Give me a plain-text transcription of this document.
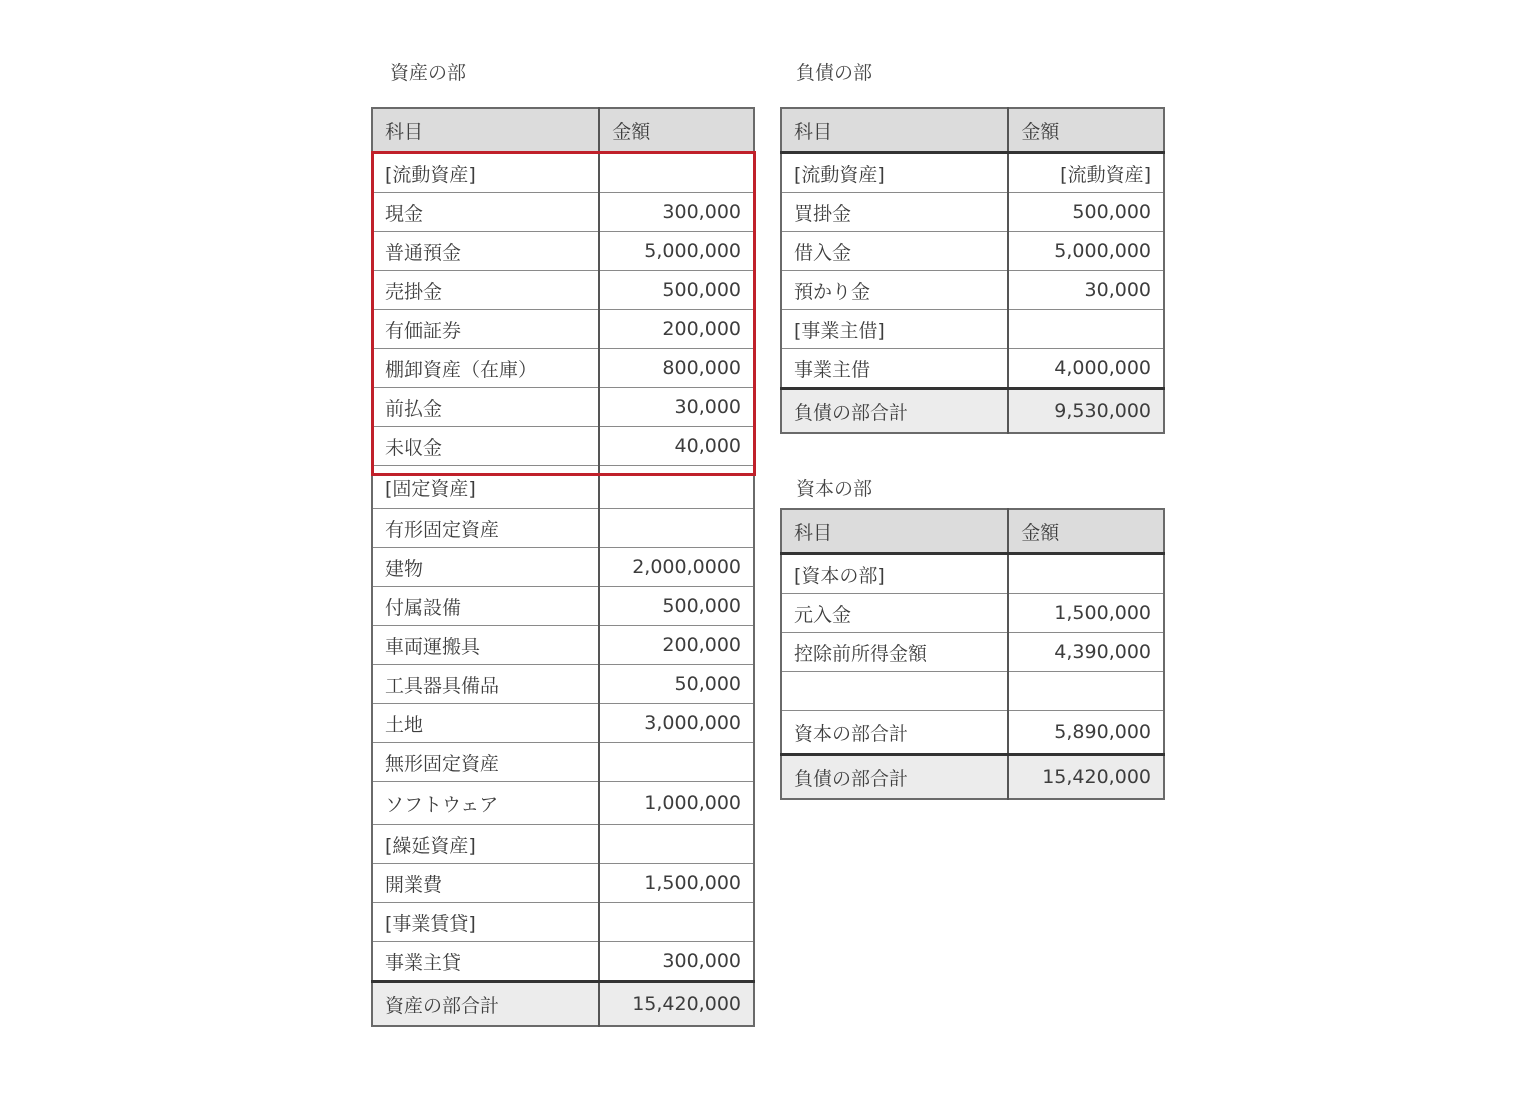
資産の部
科目	金額
[流動資産]	
現金	300,000
普通預金	5,000,000
売掛金	500,000
有価証券	200,000
棚卸資産（在庫）	800,000
前払金	30,000
未収金	40,000
[固定資産]	
有形固定資産	
建物	2,000,0000
付属設備	500,000
車両運搬具	200,000
工具器具備品	50,000
土地	3,000,000
無形固定資産	
ソフトウェア	1,000,000
[繰延資産]	
開業費	1,500,000
[事業賃貸]	
事業主貸	300,000
資産の部合計	15,420,000
負債の部
科目	金額
[流動資産]	[流動資産]
買掛金	500,000
借入金	5,000,000
預かり金	30,000
[事業主借]	
事業主借	4,000,000
負債の部合計	9,530,000
資本の部
科目	金額
[資本の部]	
元入金	1,500,000
控除前所得金額	4,390,000

資本の部合計	5,890,000
負債の部合計	15,420,000
